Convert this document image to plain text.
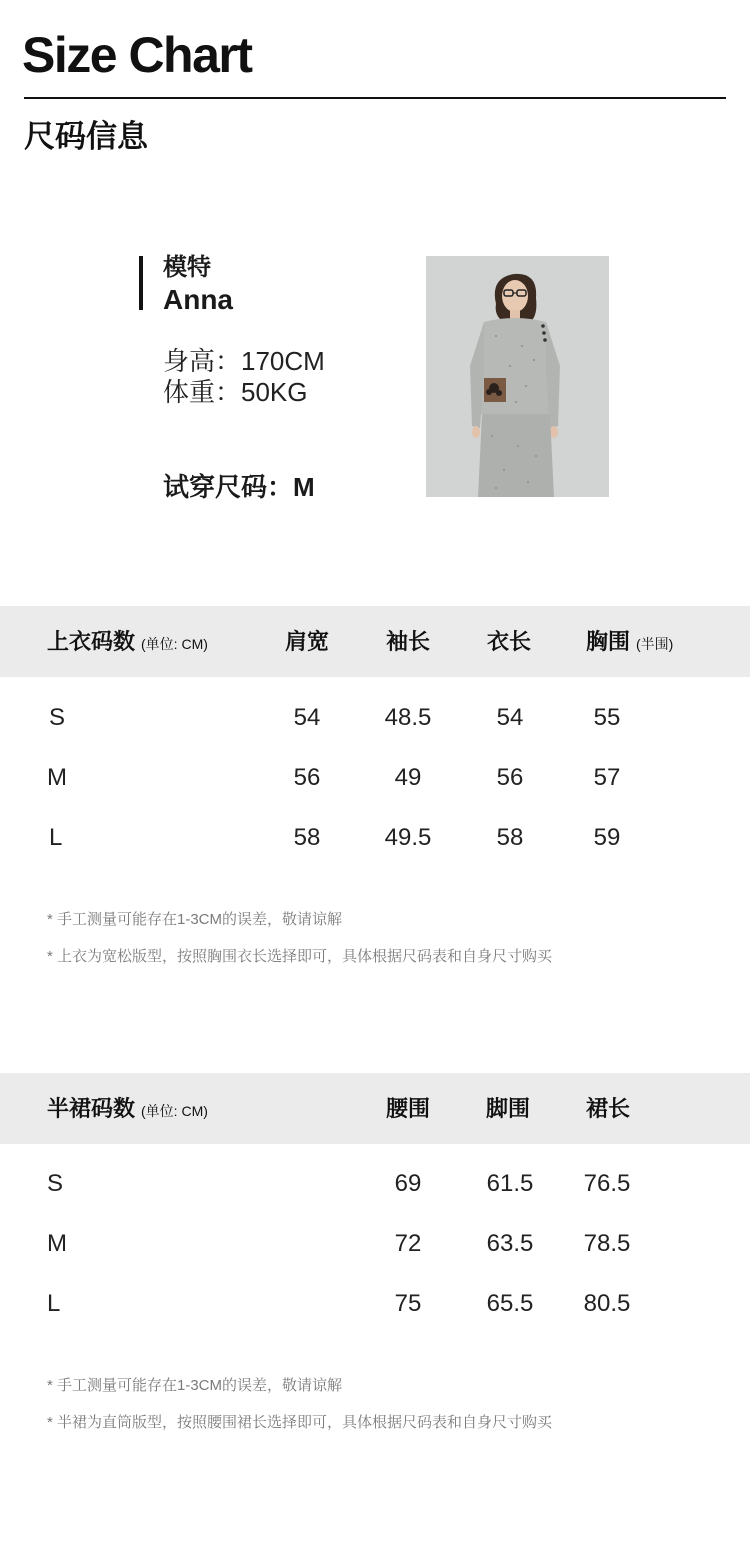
Size Chart
尺码信息
模特
Anna
身高：170CM
体重：50KG
试穿尺码：M
上衣码数 (单位: CM)	肩宽	袖长	衣长 胸围 (半围)
S	54	48.5	54	55
M	56	49	56	57
L	58	49.5	58	59
* 手工测量可能存在1-3CM的误差，敬请谅解
* 上衣为宽松版型，按照胸围衣长选择即可，具体根据尺码表和自身尺寸购买
半裙码数 (单位: CM)	腰围	脚围	裙长
S	69	61.5 76.5
M	72	63.5 78.5
L	75	65.5 80.5
* 手工测量可能存在1-3CM的误差，敬请谅解
* 半裙为直筒版型，按照腰围裙长选择即可，具体根据尺码表和自身尺寸购买
